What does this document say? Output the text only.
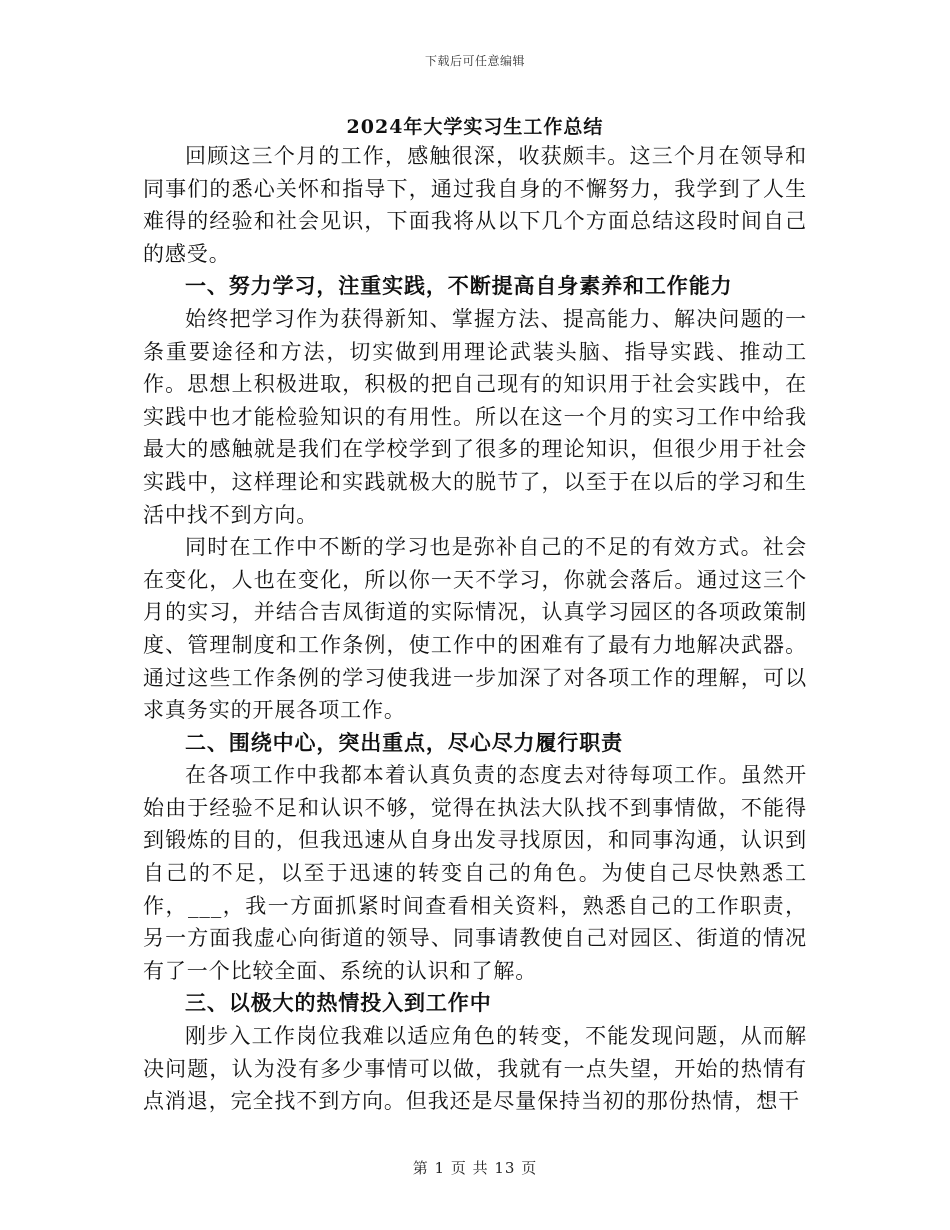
下载后可任意编辑
2024年大学实习生工作总结

回顾这三个月的工作，感触很深，收获颇丰。这三个月在领导和同事们的悉心关怀和指导下，通过我自身的不懈努力，我学到了人生难得的经验和社会见识，下面我将从以下几个方面总结这段时间自己的感受。

一、努力学习，注重实践，不断提高自身素养和工作能力

始终把学习作为获得新知、掌握方法、提高能力、解决问题的一条重要途径和方法，切实做到用理论武装头脑、指导实践、推动工作。思想上积极进取，积极的把自己现有的知识用于社会实践中，在实践中也才能检验知识的有用性。所以在这一个月的实习工作中给我最大的感触就是我们在学校学到了很多的理论知识，但很少用于社会实践中，这样理论和实践就极大的脱节了，以至于在以后的学习和生活中找不到方向。

同时在工作中不断的学习也是弥补自己的不足的有效方式。社会在变化，人也在变化，所以你一天不学习，你就会落后。通过这三个月的实习，并结合吉凤街道的实际情况，认真学习园区的各项政策制度、管理制度和工作条例，使工作中的困难有了最有力地解决武器。通过这些工作条例的学习使我进一步加深了对各项工作的理解，可以求真务实的开展各项工作。

二、围绕中心，突出重点，尽心尽力履行职责

在各项工作中我都本着认真负责的态度去对待每项工作。虽然开始由于经验不足和认识不够，觉得在执法大队找不到事情做，不能得到锻炼的目的，但我迅速从自身出发寻找原因，和同事沟通，认识到自己的不足，以至于迅速的转变自己的角色。为使自己尽快熟悉工作，___，我一方面抓紧时间查看相关资料，熟悉自己的工作职责，另一方面我虚心向街道的领导、同事请教使自己对园区、街道的情况有了一个比较全面、系统的认识和了解。

三、以极大的热情投入到工作中

刚步入工作岗位我难以适应角色的转变，不能发现问题，从而解决问题，认为没有多少事情可以做，我就有一点失望，开始的热情有点消退，完全找不到方向。但我还是尽量保持当初的那份热情，想干

第 1 页 共 13 页
